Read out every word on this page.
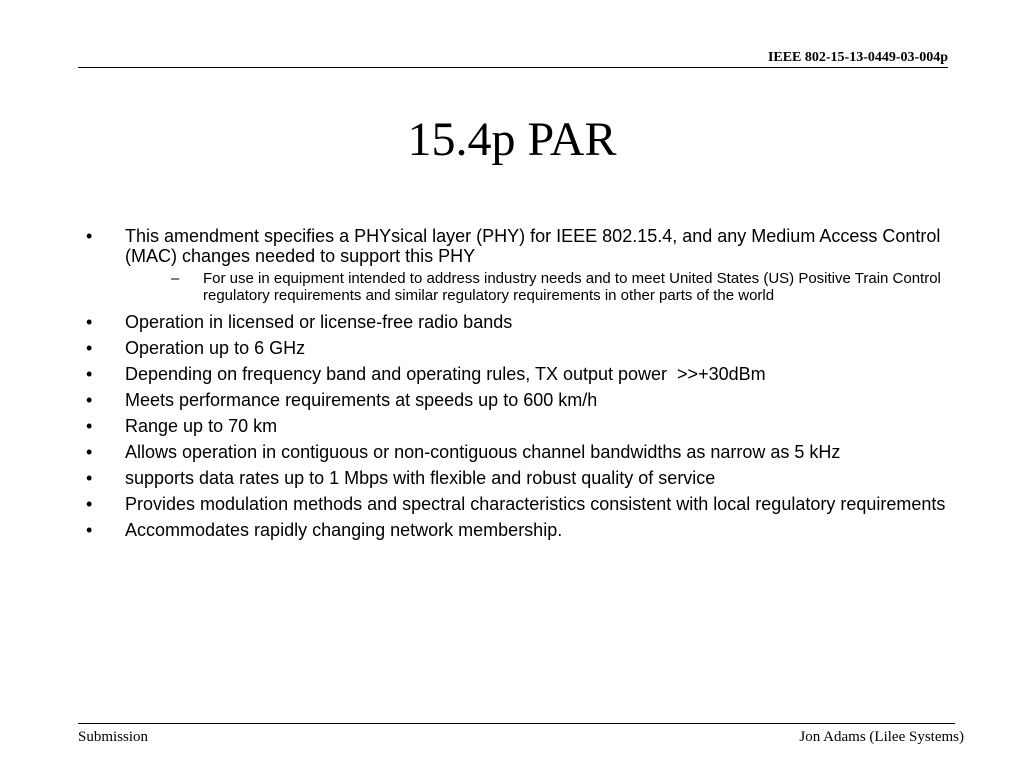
IEEE 802-15-13-0449-03-004p
15.4p PAR
• This amendment specifies a PHYsical layer (PHY) for IEEE 802.15.4, and any Medium Access Control (MAC) changes needed to support this PHY
– For use in equipment intended to address industry needs and to meet United States (US) Positive Train Control regulatory requirements and similar regulatory requirements in other parts of the world
• Operation in licensed or license-free radio bands
• Operation up to 6 GHz
• Depending on frequency band and operating rules, TX output power  >>+30dBm
• Meets performance requirements at speeds up to 600 km/h
• Range up to 70 km
• Allows operation in contiguous or non-contiguous channel bandwidths as narrow as 5 kHz
• supports data rates up to 1 Mbps with flexible and robust quality of service
• Provides modulation methods and spectral characteristics consistent with local regulatory requirements
• Accommodates rapidly changing network membership.
Submission	Jon Adams (Lilee Systems)
